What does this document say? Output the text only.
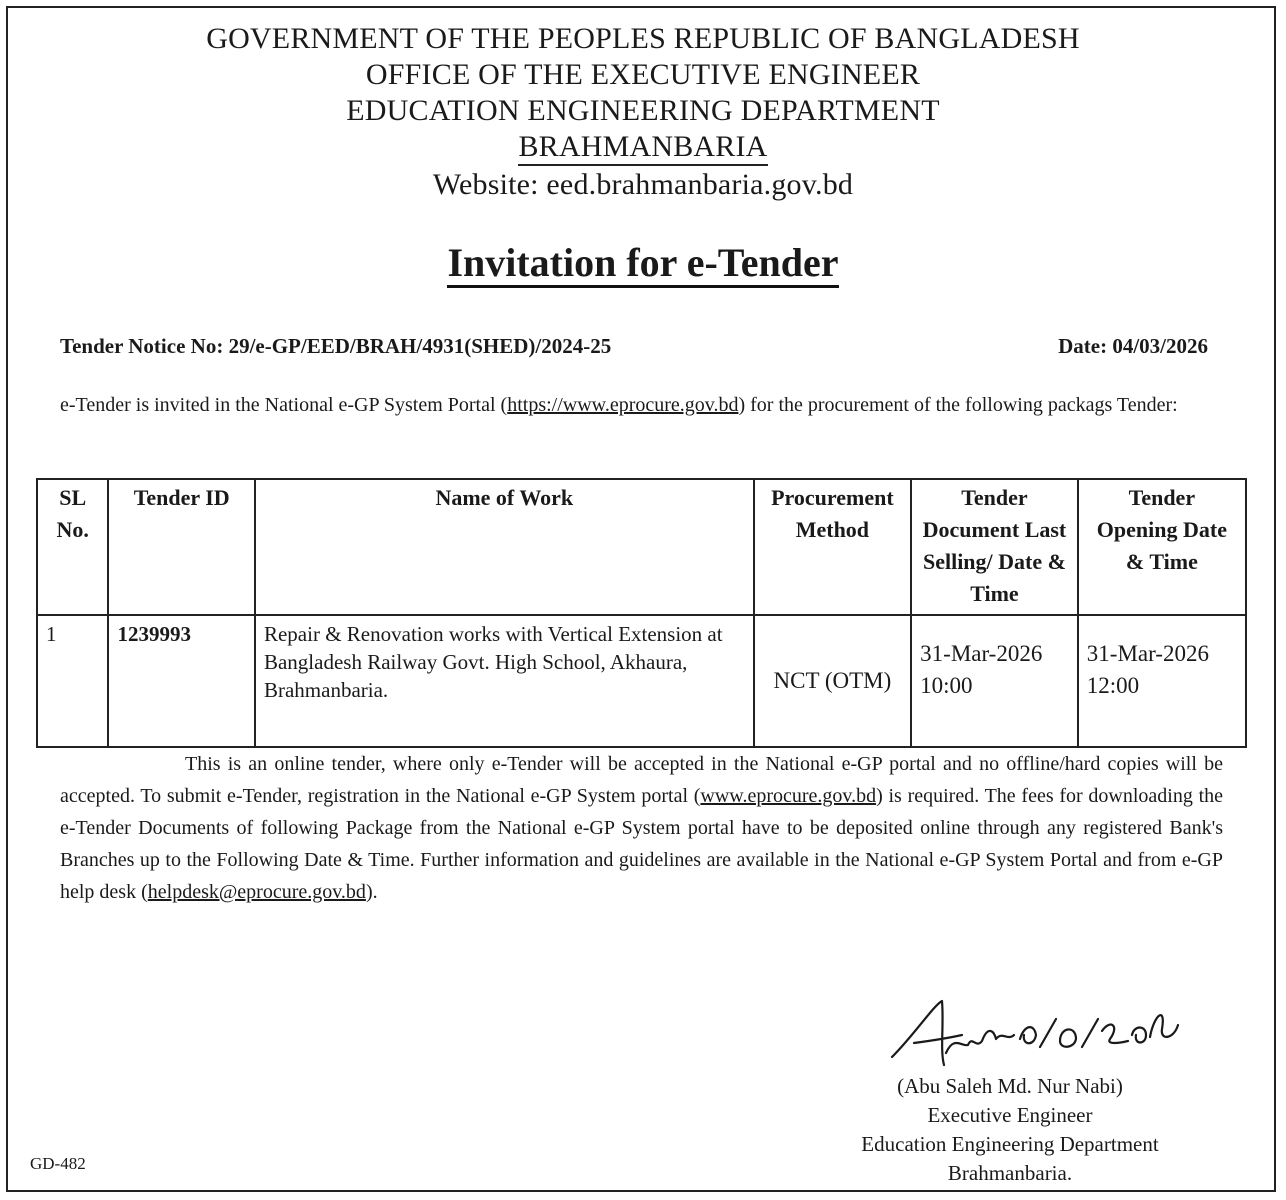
GOVERNMENT OF THE PEOPLES REPUBLIC OF BANGLADESH
OFFICE OF THE EXECUTIVE ENGINEER
EDUCATION ENGINEERING DEPARTMENT
BRAHMANBARIA
Website: eed.brahmanbaria.gov.bd
Invitation for e-Tender
Tender Notice No: 29/e-GP/EED/BRAH/4931(SHED)/2024-25	Date: 04/03/2026
e-Tender is invited in the National e-GP System Portal (https://www.eprocure.gov.bd) for the procurement of the following packags Tender:
SL No.	Tender ID	Name of Work	Procurement Method	Tender Document Last Selling/ Date & Time	Tender Opening Date & Time
1	1239993	Repair & Renovation works with Vertical Extension at Bangladesh Railway Govt. High School, Akhaura, Brahmanbaria.	NCT (OTM)	31-Mar-2026 10:00	31-Mar-2026 12:00
This is an online tender, where only e-Tender will be accepted in the National e-GP portal and no offline/hard copies will be accepted. To submit e-Tender, registration in the National e-GP System portal (www.eprocure.gov.bd) is required. The fees for downloading the e-Tender Documents of following Package from the National e-GP System portal have to be deposited online through any registered Bank's Branches up to the Following Date & Time. Further information and guidelines are available in the National e-GP System Portal and from e-GP help desk (helpdesk@eprocure.gov.bd).
(Abu Saleh Md. Nur Nabi)
Executive Engineer
Education Engineering Department
Brahmanbaria.
GD-482
